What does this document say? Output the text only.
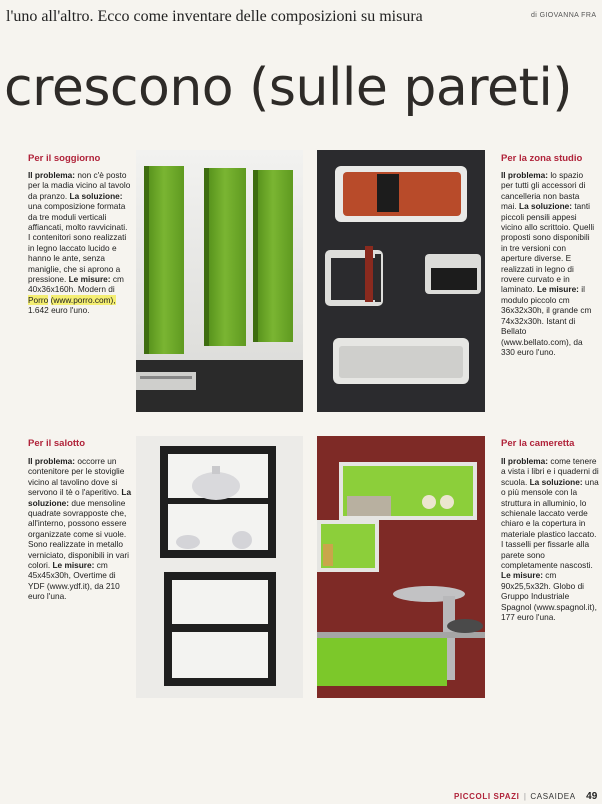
l'uno all'altro. Ecco come inventare delle composizioni su misura	di GIOVANNA FRA
crescono (sulle pareti)
Per il soggiorno
Il problema: non c'è posto per la madia vicino al tavolo da pranzo. La soluzione: una composizione formata da tre moduli verticali affiancati, molto ravvicinati. I contenitori sono realizzati in legno laccato lucido e hanno le ante, senza maniglie, che si aprono a pressione. Le misure: cm 40x36x160h. Modern di Porro (www.porro.com), 1.642 euro l'uno.
Per la zona studio
Il problema: lo spazio per tutti gli accessori di cancelleria non basta mai. La soluzione: tanti piccoli pensili appesi vicino allo scrittoio. Quelli proposti sono disponibili in tre versioni con aperture diverse. E realizzati in legno di rovere curvato e in laminato. Le misure: il modulo piccolo cm 36x32x30h, il grande cm 74x32x30h. Istant di Bellato (www.bellato.com), da 330 euro l'uno.
Per il salotto
Il problema: occorre un contenitore per le stoviglie vicino al tavolino dove si servono il tè o l'aperitivo. La soluzione: due mensoline quadrate sovrapposte che, all'interno, possono essere organizzate come si vuole. Sono realizzate in metallo verniciato, disponibili in vari colori. Le misure: cm 45x45x30h, Overtime di YDF (www.ydf.it), da 210 euro l'una.
Per la cameretta
Il problema: come tenere a vista i libri e i quaderni di scuola. La soluzione: una o più mensole con la struttura in alluminio, lo schienale laccato verde chiaro e la copertura in materiale plastico laccato. I tasselli per fissarle alla parete sono completamente nascosti. Le misure: cm 90x25,5x32h. Globo di Gruppo Industriale Spagnol (www.spagnol.it), 177 euro l'una.
PICCOLI SPAZI | CASAIDEA 49
